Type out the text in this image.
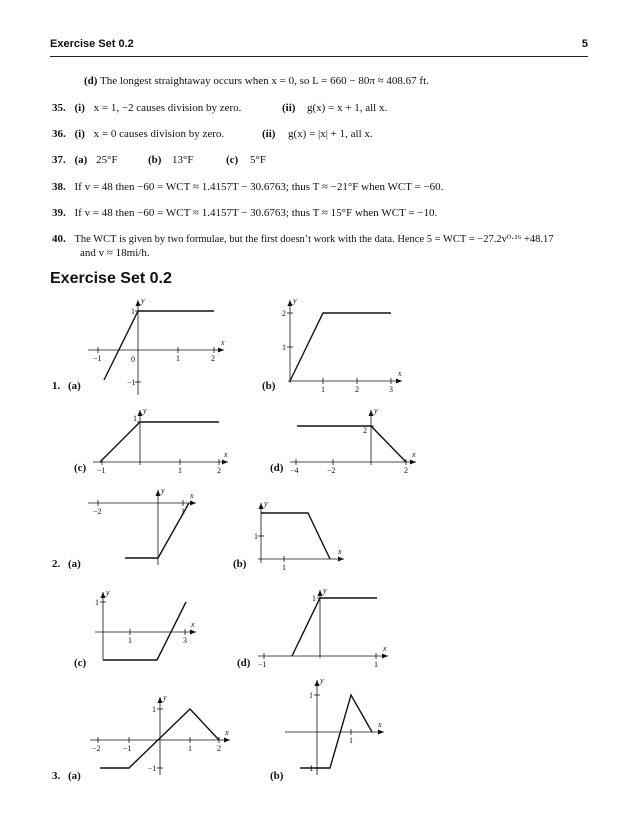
Exercise Set 0.2	5
(d) The longest straightaway occurs when x = 0, so L = 660 − 80π ≈ 408.67 ft.
35. (i) x = 1, −2 causes division by zero.	(ii) g(x) = x + 1, all x.
36. (i) x = 0 causes division by zero.	(ii) g(x) = |x| + 1, all x.
37. (a) 25°F	(b) 13°F	(c) 5°F
38. If v = 48 then −60 = WCT ≈ 1.4157T − 30.6763; thus T ≈ −21°F when WCT = −60.
39. If v = 48 then −60 = WCT ≈ 1.4157T − 30.6763; thus T ≈ 15°F when WCT = −10.
40. The WCT is given by two formulae, but the first doesn’t work with the data. Hence 5 = WCT = −27.2v⁰·¹⁶ +48.17
and v ≈ 18mi/h.
Exercise Set 0.2
1. (a)	(b)
(c)	(d)
2. (a)	(b)
(c)	(d)
3. (a)	(b)
x
y
−1	0	1	2
1
−1
x
y
1	2	3
2
1
x
y
−1	1	2
1
x
y
−4	−2	2
2
x
y
−2	1
x
y
1
1
x
y
1	3
1
x
y
−1	1
1
x
y
−2	−1	1	2
1
−1
x
y
1
1
−1
